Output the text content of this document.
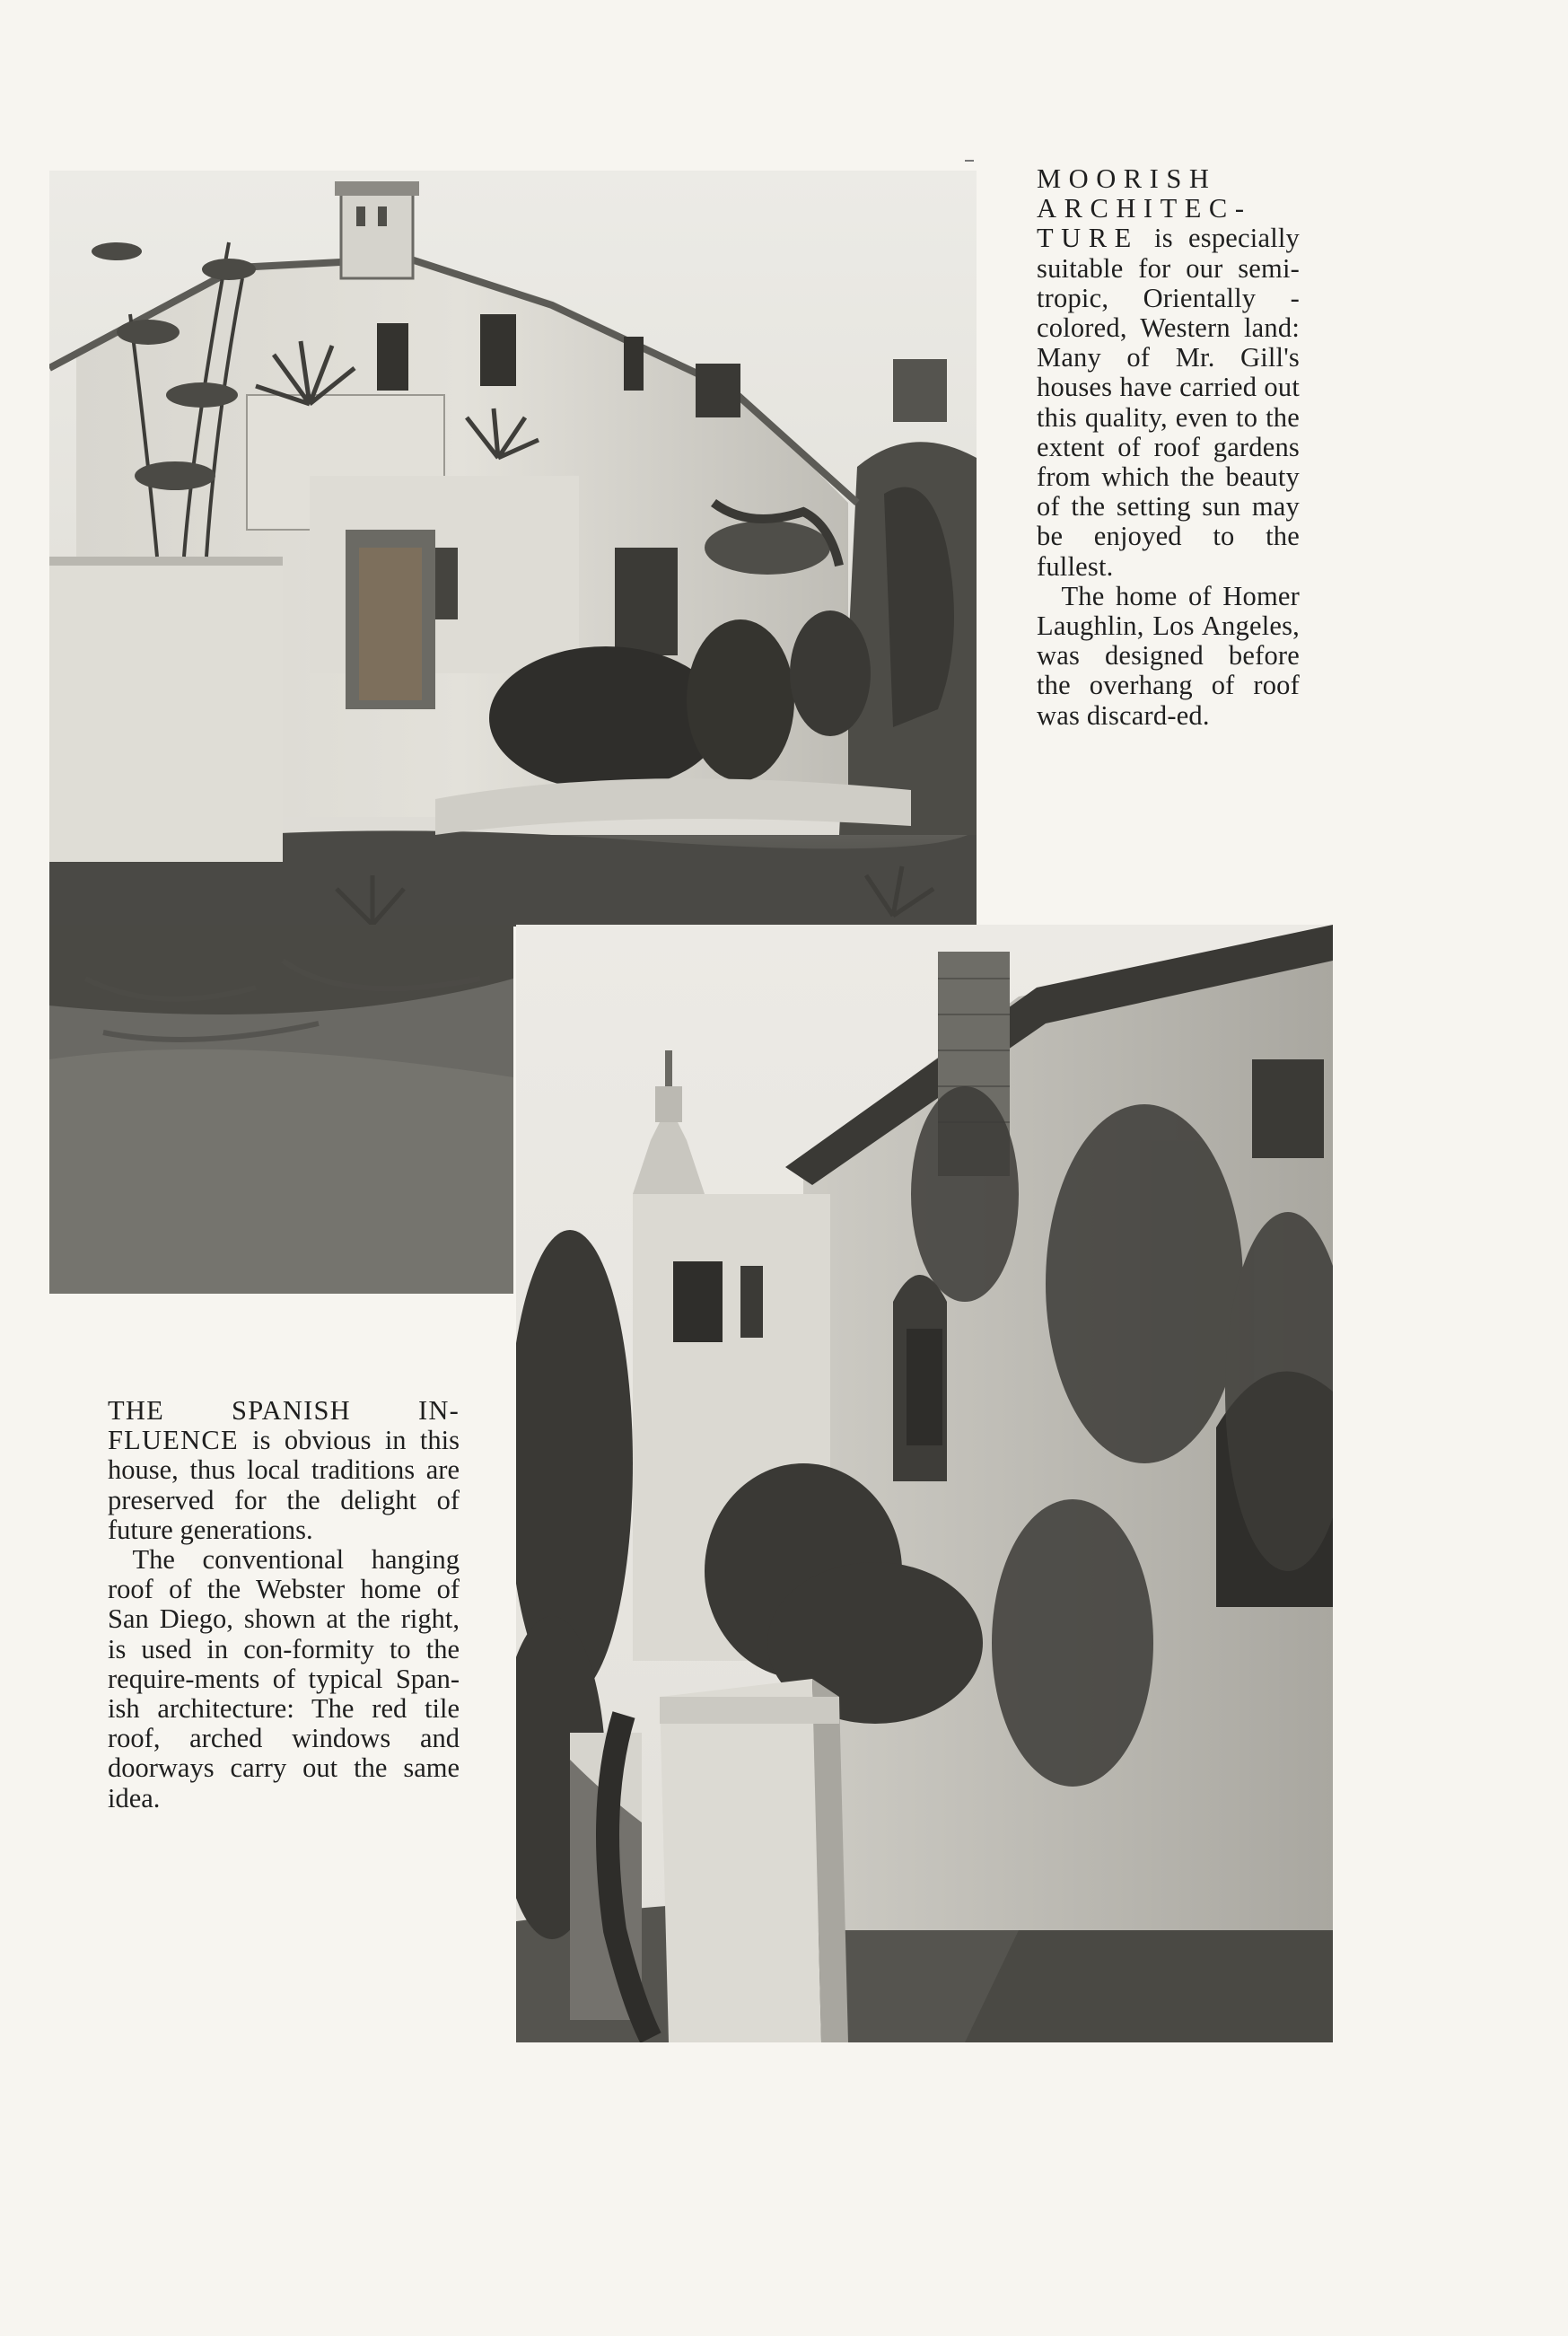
MOORISH ARCHITEC-TURE is especially suitable for our semi-tropic, Orientally - colored, Western land: Many of Mr. Gill's houses have carried out this quality, even to the extent of roof gardens from which the beauty of the setting sun may be enjoyed to the fullest.

The home of Homer Laughlin, Los Angeles, was designed before the overhang of roof was discard-ed.

THE SPANISH IN-FLUENCE is obvious in this house, thus local traditions are preserved for the delight of future generations.

The conventional hanging roof of the Webster home of San Diego, shown at the right, is used in con-formity to the require-ments of typical Span-ish architecture: The red tile roof, arched windows and doorways carry out the same idea.
